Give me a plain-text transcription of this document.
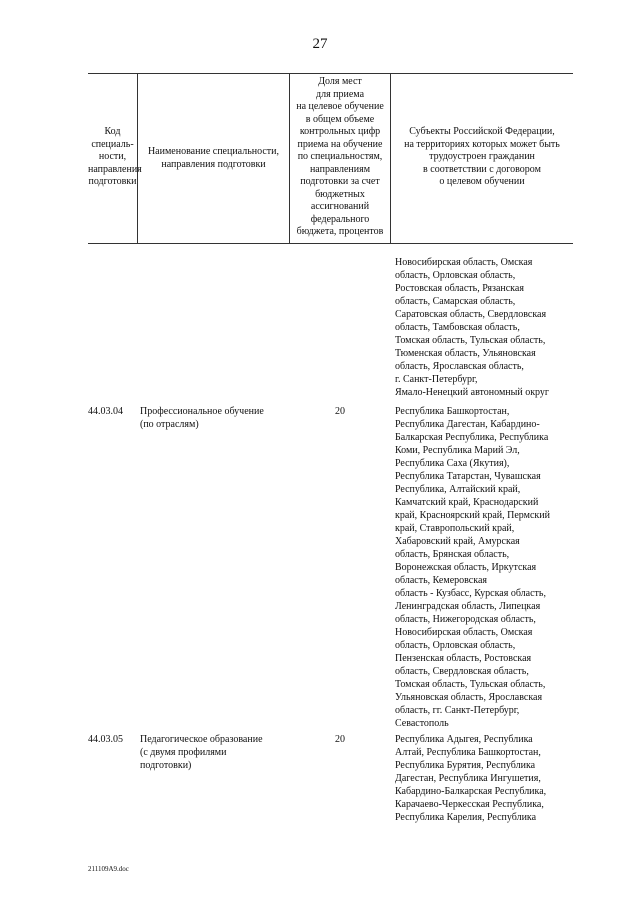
27
Код
специаль-
ности,
направления
подготовки
Наименование специальности,
направления подготовки
Доля мест
для приема
на целевое обучение
в общем объеме
контрольных цифр
приема на обучение
по специальностям,
направлениям
подготовки за счет
бюджетных
ассигнований
федерального
бюджета, процентов
Субъекты Российской Федерации,
на территориях которых может быть
трудоустроен гражданин
в соответствии с договором
о целевом обучении
Новосибирская область, Омская
область, Орловская область,
Ростовская область, Рязанская
область, Самарская область,
Саратовская область, Свердловская
область, Тамбовская область,
Томская область, Тульская область,
Тюменская область, Ульяновская
область, Ярославская область,
г. Санкт-Петербург,
Ямало-Ненецкий автономный округ
44.03.04 Профессиональное обучение
(по отраслям)
20	Республика Башкортостан,
Республика Дагестан, Кабардино-
Балкарская Республика, Республика
Коми, Республика Марий Эл,
Республика Саха (Якутия),
Республика Татарстан, Чувашская
Республика, Алтайский край,
Камчатский край, Краснодарский
край, Красноярский край, Пермский
край, Ставропольский край,
Хабаровский край, Амурская
область, Брянская область,
Воронежская область, Иркутская
область, Кемеровская
область - Кузбасс, Курская область,
Ленинградская область, Липецкая
область, Нижегородская область,
Новосибирская область, Омская
область, Орловская область,
Пензенская область, Ростовская
область, Свердловская область,
Томская область, Тульская область,
Ульяновская область, Ярославская
область, гг. Санкт-Петербург,
Севастополь
44.03.05 Педагогическое образование
(с двумя профилями
подготовки)
20	Республика Адыгея, Республика
Алтай, Республика Башкортостан,
Республика Бурятия, Республика
Дагестан, Республика Ингушетия,
Кабардино-Балкарская Республика,
Карачаево-Черкесская Республика,
Республика Карелия, Республика
211109A9.doc
